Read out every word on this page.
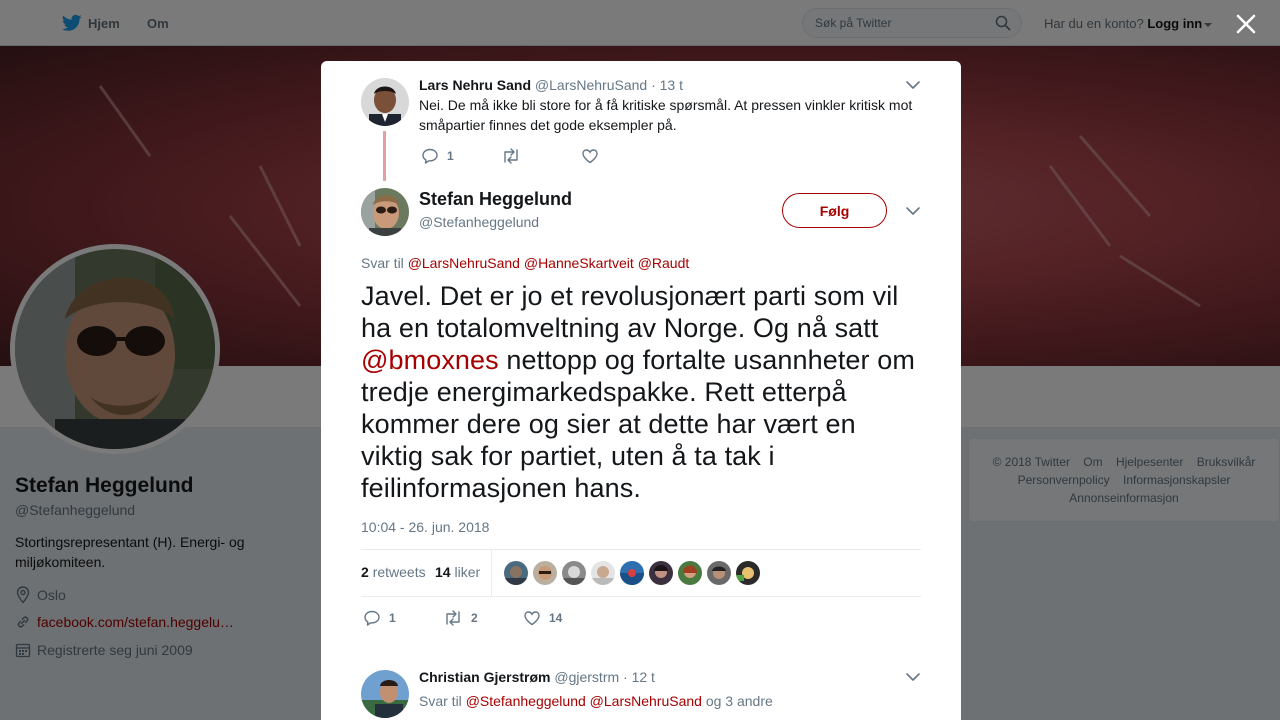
Søk på Twitter

Lars Nehru Sand @LarsNehruSand · 13 t
Nei. De må ikke bli store for å få kritiske spørsmål. At pressen vinkler kritisk mot småpartier finnes det gode eksempler på.
1
Stefan Heggelund
@Stefanheggelund
Følg
Svar til @LarsNehruSand @HanneSkartveit @Raudt
Javel. Det er jo et revolusjonært parti som vil ha en totalomveltning av Norge. Og nå satt @bmoxnes nettopp og fortalte usannheter om tredje energimarkedspakke. Rett etterpå kommer dere og sier at dette har vært en viktig sak for partiet, uten å ta tak i feilinformasjonen hans.
10:04 - 26. jun. 2018
2 retweets 14 liker
1	2	14
Christian Gjerstrøm @gjerstrm · 12 t
Svar til @Stefanheggelund @LarsNehruSand og 3 andre
